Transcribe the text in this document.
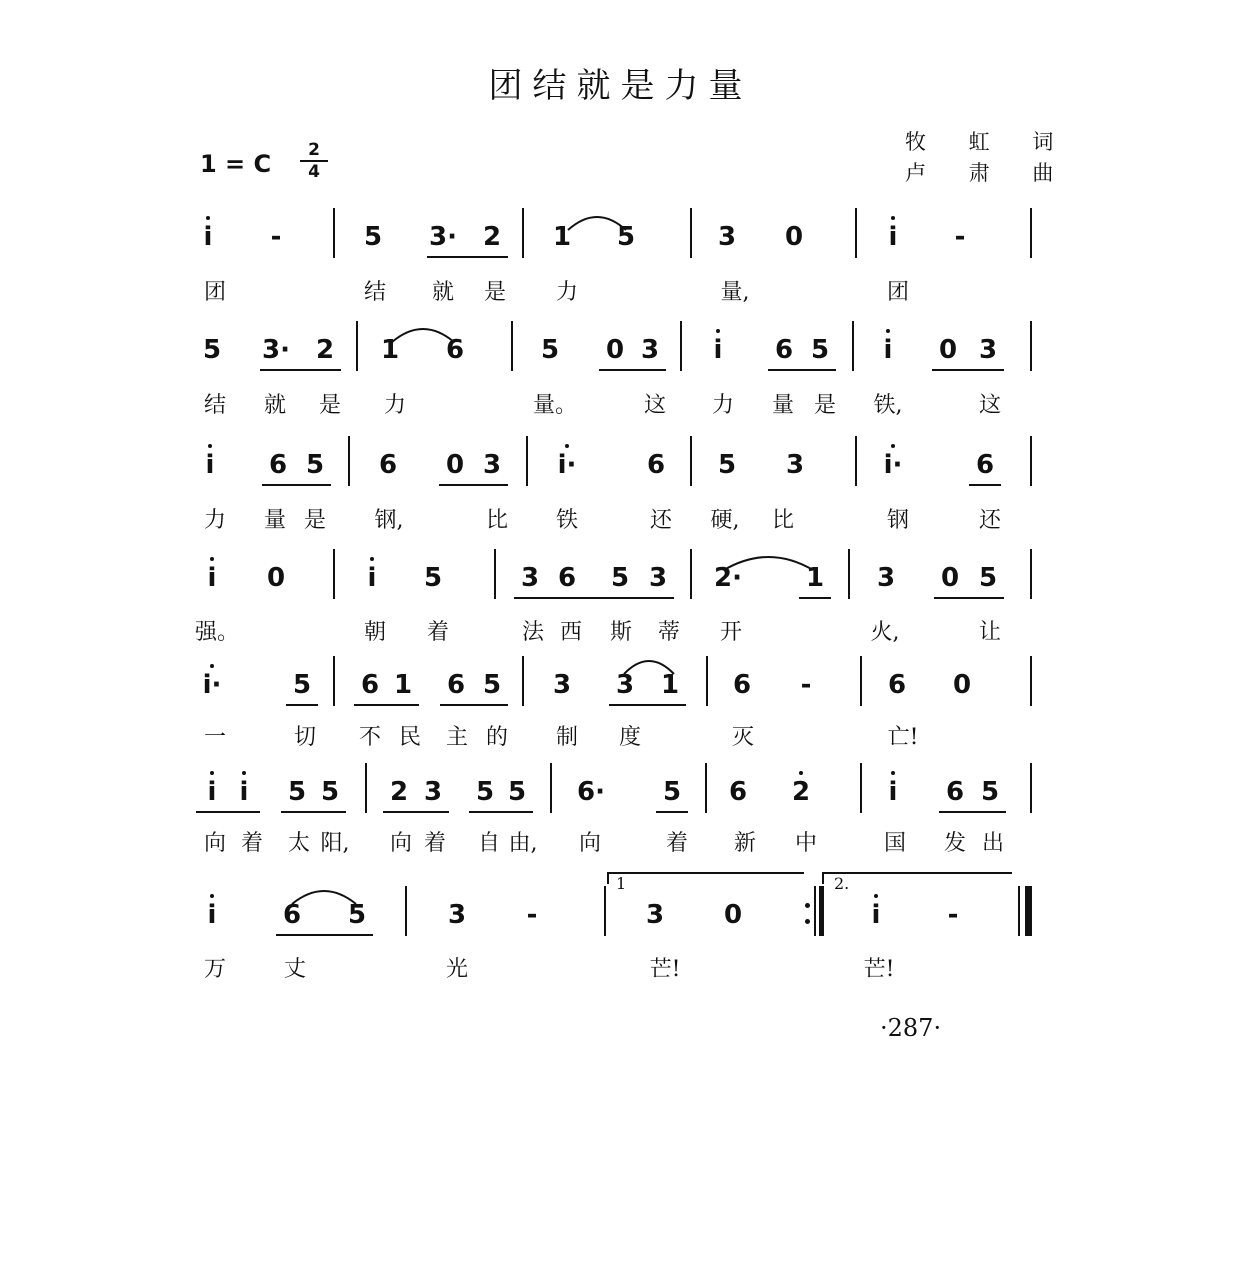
团结就是力量
牧 虹 词
卢 肃 曲
1 = C	2
4
i	-	5	3· 2	1	5	3	0	i	-
团	结	就	是	力	量,	团
5	3· 2	1	6	5	0 3	i	6 5	i	0 3
结	就	是	力	量。	这	力	量 是	铁,	这
i	6 5	6	0 3	i·	6	5	3	i·	6
力	量 是	钢,	比	铁	还	硬,	比	钢	还
i	0	i	5	3 6	5 3	2·	1	3	0 5
强。	朝	着	法 西	斯	蒂	开	火,	让
i·	5	6 1	6 5	3	3	1	6	-	6	0
一	切	不 民	主 的	制	度	灭	亡!
i i	5 5	2 3	5 5	6·	5	6	2	i	6 5
向 着	太 阳,	向 着	自 由,	向	着	新	中	国	发 出
i	6	5	3	-	3	0	i	-
万	丈	光	芒!	芒!
1	2.
·287·
